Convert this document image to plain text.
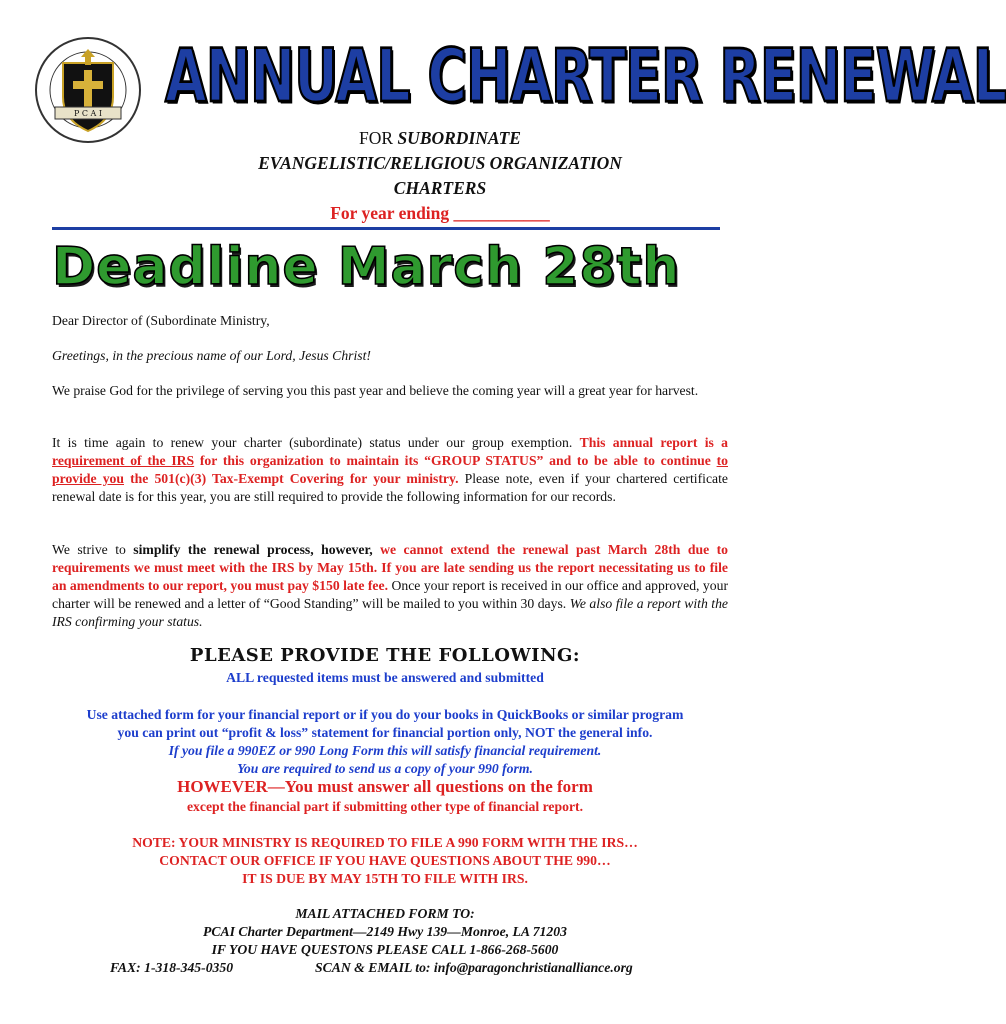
P C A I ANNUAL CHARTER RENEWAL
FOR SUBORDINATE
EVANGELISTIC/RELIGIOUS ORGANIZATION
CHARTERS
For year ending ___________
Deadline March 28th
Dear Director of (Subordinate Ministry,
Greetings, in the precious name of our Lord, Jesus Christ!
We praise God for the privilege of serving you this past year and believe the coming year will a great year for harvest.
It is time again to renew your charter (subordinate) status under our group exemption. This annual report is a requirement of the IRS for this organization to maintain its “GROUP STATUS” and to be able to continue to provide you the 501(c)(3) Tax-Exempt Covering for your ministry. Please note, even if your chartered certificate renewal date is for this year, you are still required to provide the following information for our records.
We strive to simplify the renewal process, however, we cannot extend the renewal past March 28th due to requirements we must meet with the IRS by May 15th. If you are late sending us the report necessitating us to file an amendments to our report, you must pay $150 late fee. Once your report is received in our office and approved, your charter will be renewed and a letter of “Good Standing” will be mailed to you within 30 days. We also file a report with the IRS confirming your status.
PLEASE PROVIDE THE FOLLOWING:
ALL requested items must be answered and submitted
Use attached form for your financial report or if you do your books in QuickBooks or similar program
you can print out “profit & loss” statement for financial portion only, NOT the general info.
If you file a 990EZ or 990 Long Form this will satisfy financial requirement.
You are required to send us a copy of your 990 form.
HOWEVER—You must answer all questions on the form
except the financial part if submitting other type of financial report.
NOTE: YOUR MINISTRY IS REQUIRED TO FILE A 990 FORM WITH THE IRS…
CONTACT OUR OFFICE IF YOU HAVE QUESTIONS ABOUT THE 990…
IT IS DUE BY MAY 15TH TO FILE WITH IRS.
MAIL ATTACHED FORM TO:
PCAI Charter Department—2149 Hwy 139—Monroe, LA 71203
IF YOU HAVE QUESTONS PLEASE CALL 1-866-268-5600
FAX: 1-318-345-0350	SCAN & EMAIL to: info@paragonchristianalliance.org
